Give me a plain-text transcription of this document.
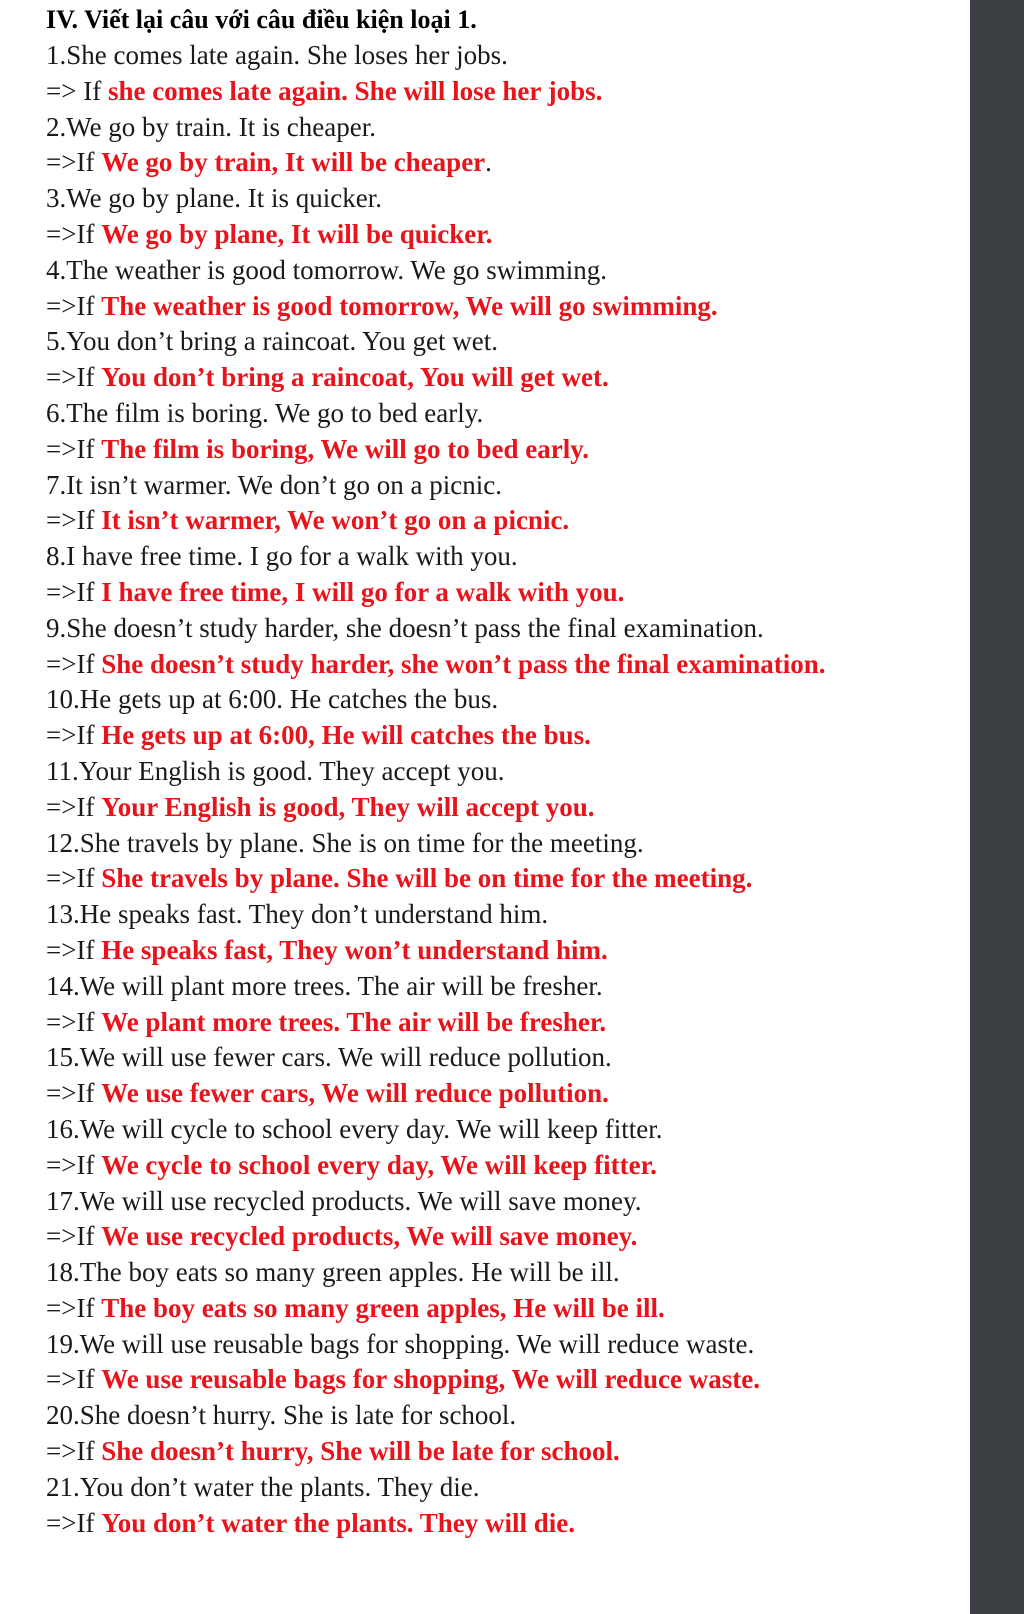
IV. Viết lại câu với câu điều kiện loại 1.
1.She comes late again. She loses her jobs.
=> If she comes late again. She will lose her jobs.
2.We go by train. It is cheaper.
=>If We go by train, It will be cheaper.
3.We go by plane. It is quicker.
=>If We go by plane, It will be quicker.
4.The weather is good tomorrow. We go swimming.
=>If The weather is good tomorrow, We will go swimming.
5.You don’t bring a raincoat. You get wet.
=>If You don’t bring a raincoat, You will get wet.
6.The film is boring. We go to bed early.
=>If The film is boring, We will go to bed early.
7.It isn’t warmer. We don’t go on a picnic.
=>If It isn’t warmer, We won’t go on a picnic.
8.I have free time. I go for a walk with you.
=>If I have free time, I will go for a walk with you.
9.She doesn’t study harder, she doesn’t pass the final examination.
=>If She doesn’t study harder, she won’t pass the final examination.
10.He gets up at 6:00. He catches the bus.
=>If He gets up at 6:00, He will catches the bus.
11.Your English is good. They accept you.
=>If Your English is good, They will accept you.
12.She travels by plane. She is on time for the meeting.
=>If She travels by plane. She will be on time for the meeting.
13.He speaks fast. They don’t understand him.
=>If He speaks fast, They won’t understand him.
14.We will plant more trees. The air will be fresher.
=>If We plant more trees. The air will be fresher.
15.We will use fewer cars. We will reduce pollution.
=>If We use fewer cars, We will reduce pollution.
16.We will cycle to school every day. We will keep fitter.
=>If We cycle to school every day, We will keep fitter.
17.We will use recycled products. We will save money.
=>If We use recycled products, We will save money.
18.The boy eats so many green apples. He will be ill.
=>If The boy eats so many green apples, He will be ill.
19.We will use reusable bags for shopping. We will reduce waste.
=>If We use reusable bags for shopping, We will reduce waste.
20.She doesn’t hurry. She is late for school.
=>If She doesn’t hurry, She will be late for school.
21.You don’t water the plants. They die.
=>If You don’t water the plants. They will die.
